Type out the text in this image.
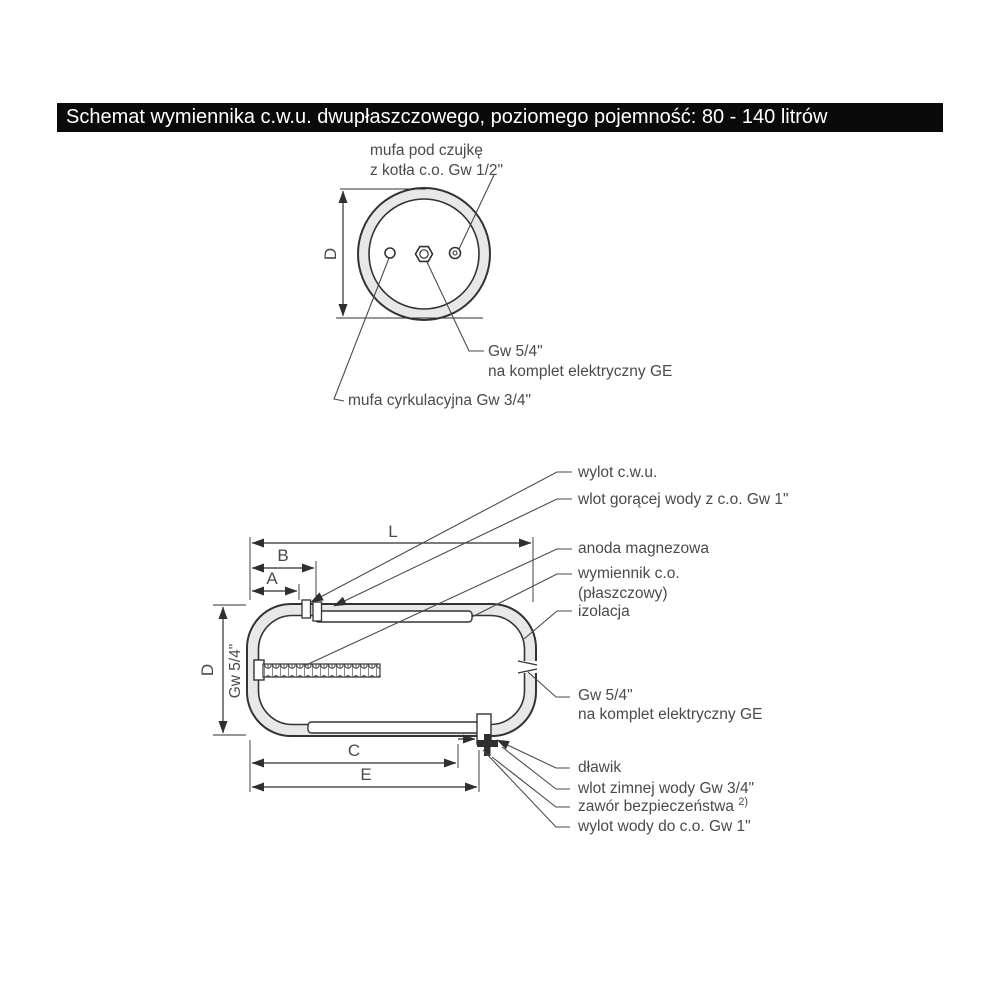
Schemat wymiennika c.w.u. dwupłaszczowego, poziomego pojemność: 80 - 140 litrów
D
mufa pod czujkę
z kotła c.o. Gw 1/2"
Gw 5/4"
na komplet elektryczny GE
mufa cyrkulacyjna Gw 3/4"
L
B
A
D Gw 5/4"
C
E
wylot c.w.u.
wlot gorącej wody z c.o. Gw 1"
anoda magnezowa
wymiennik c.o.
(płaszczowy)
izolacja
Gw 5/4"
na komplet elektryczny GE
dławik
wlot zimnej wody Gw 3/4"
zawór bezpieczeństwa $^{2)}$
wylot wody do c.o. Gw 1"
